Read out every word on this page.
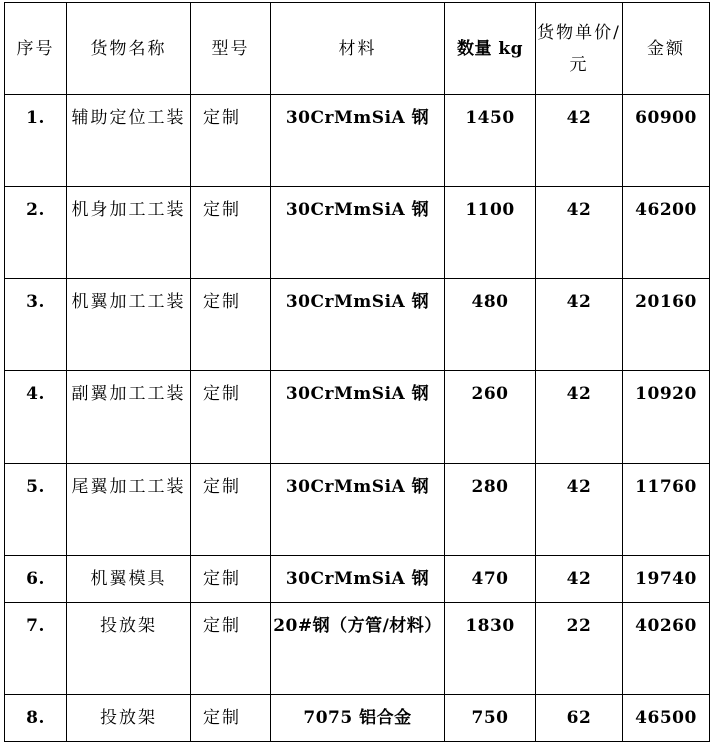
序号	货物名称	型号	材料	数量 kg	货物单价/元	金额
1.	辅助定位工装	定制	30CrMmSiA 钢	1450	42	60900
2.	机身加工工装	定制	30CrMmSiA 钢	1100	42	46200
3.	机翼加工工装	定制	30CrMmSiA 钢	480	42	20160
4.	副翼加工工装	定制	30CrMmSiA 钢	260	42	10920
5.	尾翼加工工装	定制	30CrMmSiA 钢	280	42	11760
6.	机翼模具	定制	30CrMmSiA 钢	470	42	19740
7.	投放架	定制	20#钢（方管/材料）	1830	22	40260
8.	投放架	定制	7075 铝合金	750	62	46500
